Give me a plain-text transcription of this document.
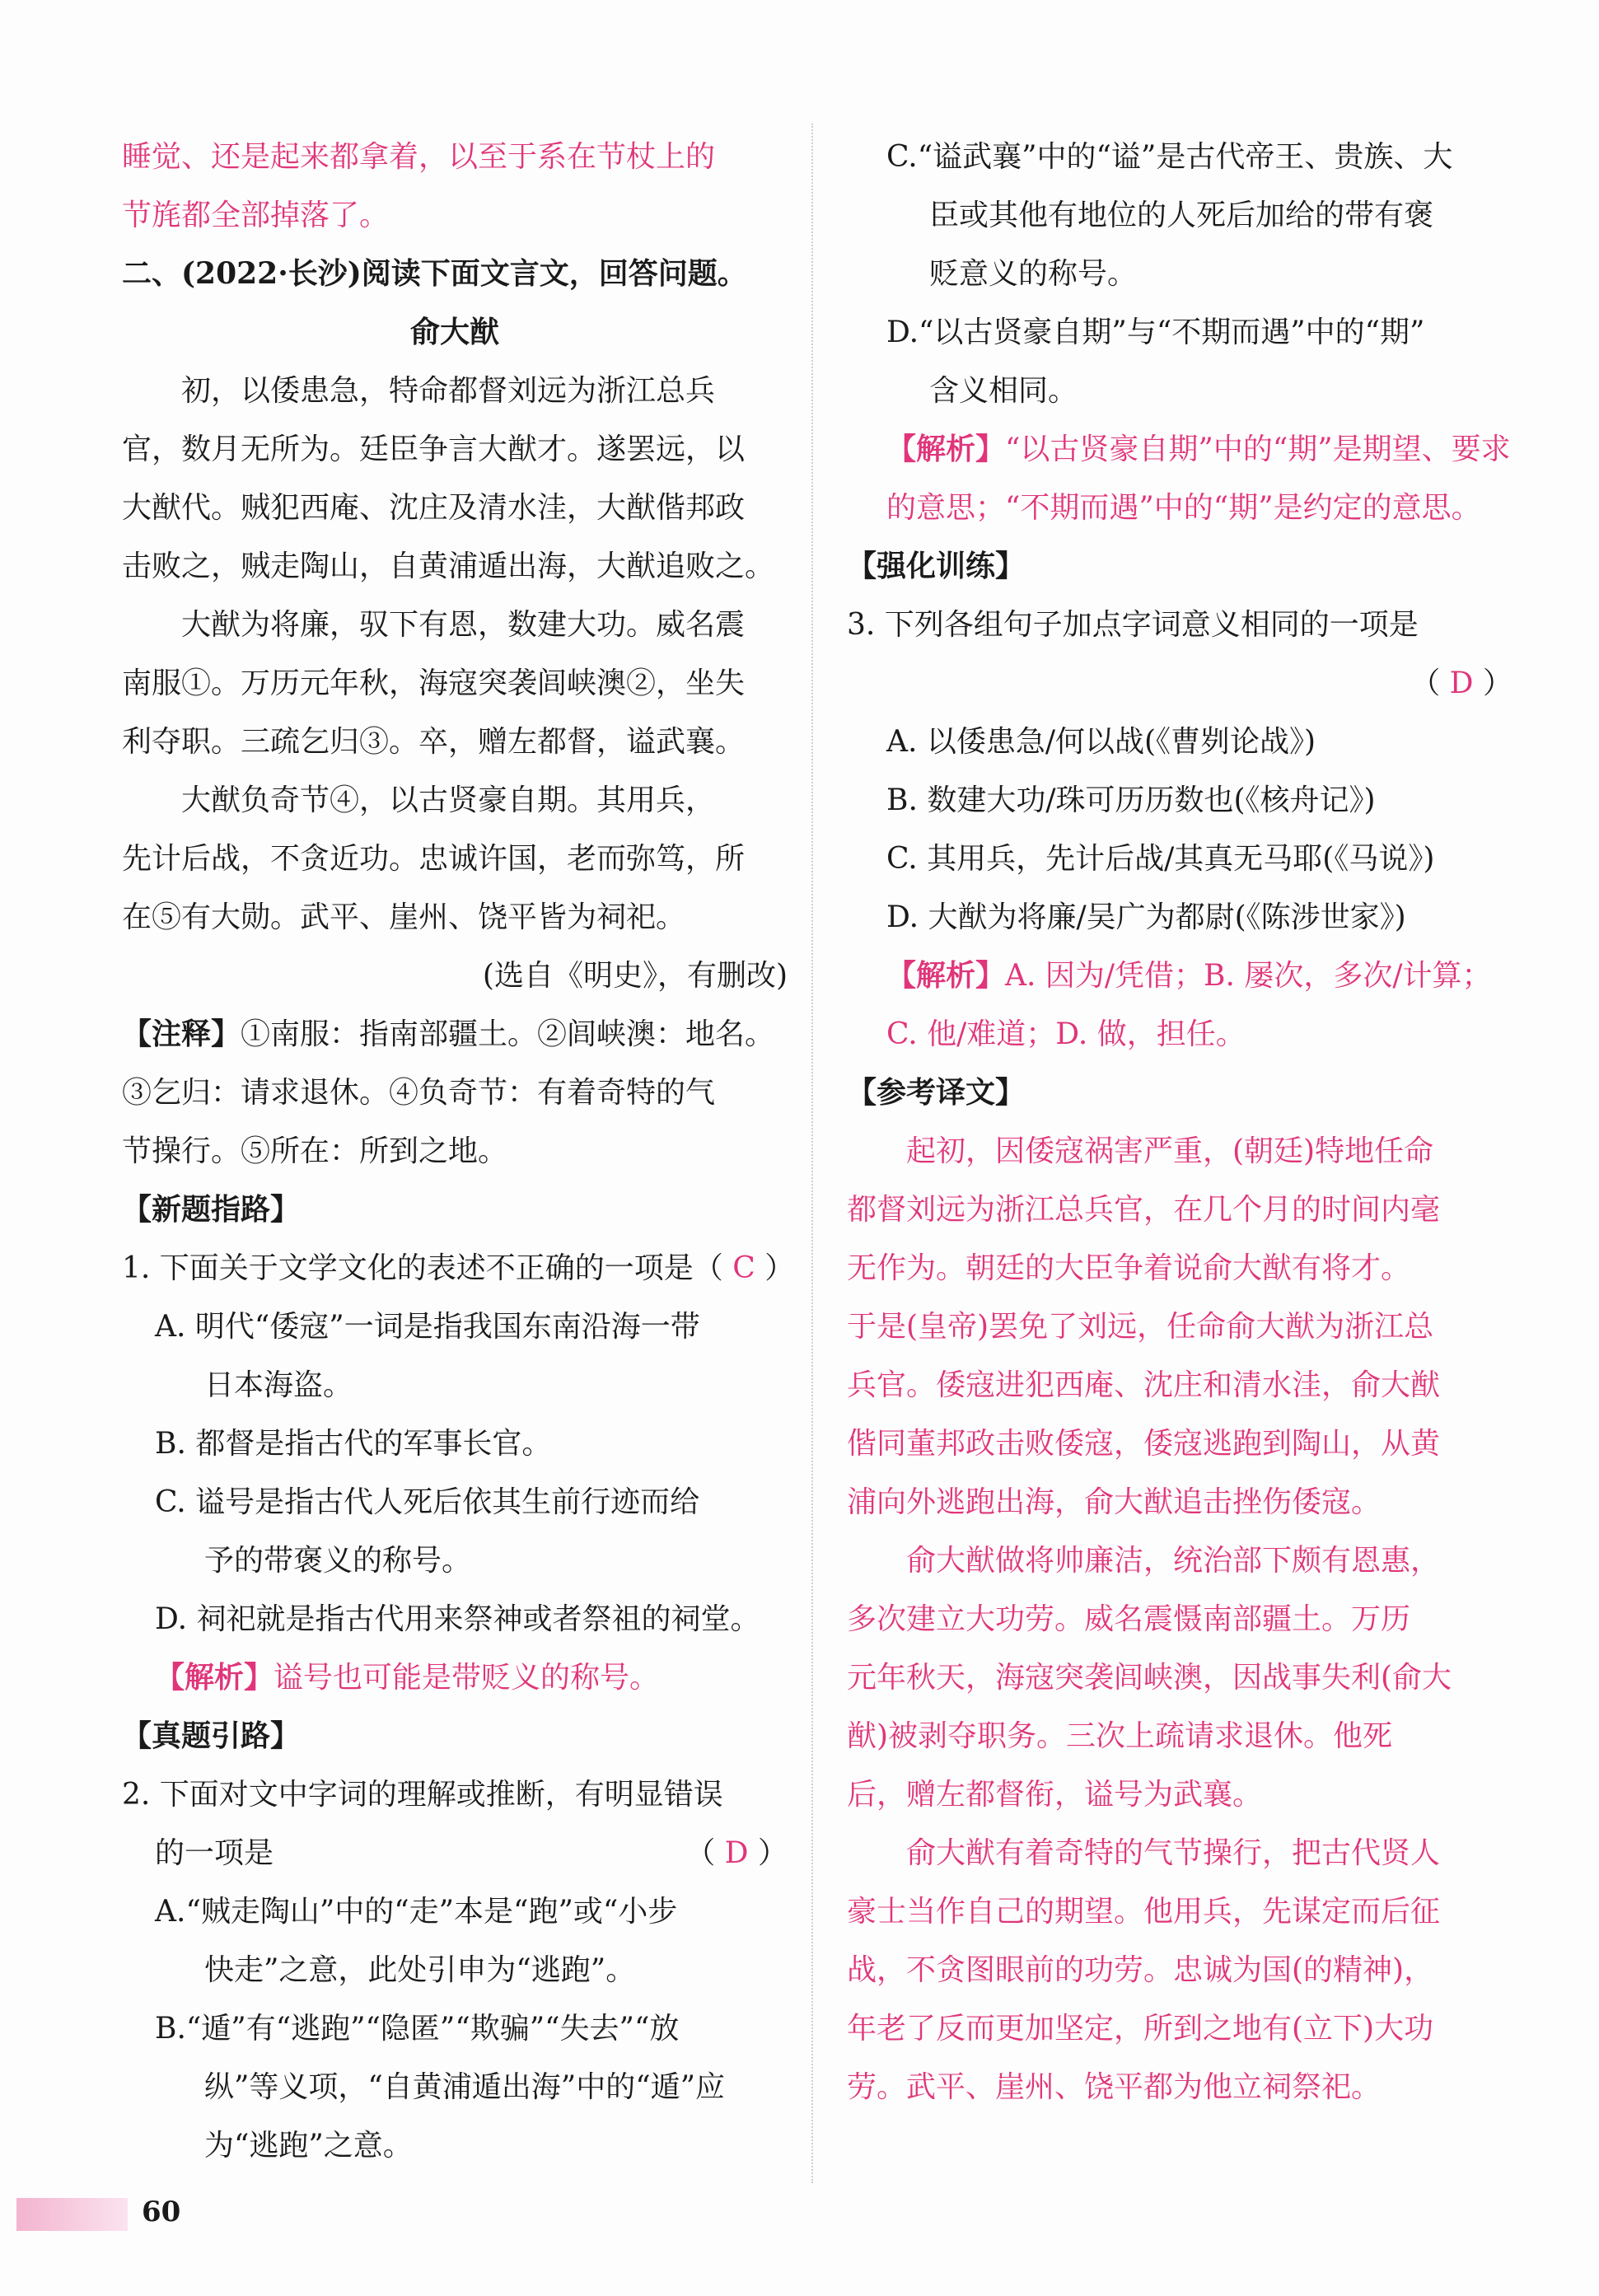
睡觉、还是起来都拿着，以至于系在节杖上的
节旄都全部掉落了。
二、(2022·长沙)阅读下面文言文，回答问题。
俞大猷
初，以倭患急，特命都督刘远为浙江总兵
官，数月无所为。廷臣争言大猷才。遂罢远，以
大猷代。贼犯西庵、沈庄及清水洼，大猷偕邦政
击败之，贼走陶山，自黄浦遁出海，大猷追败之。
大猷为将廉，驭下有恩，数建大功。威名震
南服①。万历元年秋，海寇突袭闾峡澳②，坐失
利夺职。三疏乞归③。卒，赠左都督，谥武襄。
大猷负奇节④，以古贤豪自期。其用兵，
先计后战，不贪近功。忠诚许国，老而弥笃，所
在⑤有大勋。武平、崖州、饶平皆为祠祀。
(选自《明史》，有删改)
【注释】①南服：指南部疆土。②闾峡澳：地名。
③乞归：请求退休。④负奇节：有着奇特的气
节操行。⑤所在：所到之地。
【新题指路】
1. 下面关于文学文化的表述不正确的一项是（ C ）
A. 明代“倭寇”一词是指我国东南沿海一带
日本海盗。
B. 都督是指古代的军事长官。
C. 谥号是指古代人死后依其生前行迹而给
予的带褒义的称号。
D. 祠祀就是指古代用来祭神或者祭祖的祠堂。
【解析】谥号也可能是带贬义的称号。
【真题引路】
2. 下面对文中字词的理解或推断，有明显错误
的一项是	（ D ）
A.“贼走陶山”中的“走”本是“跑”或“小步
快走”之意，此处引申为“逃跑”。
B.“遁”有“逃跑”“隐匿”“欺骗”“失去”“放
纵”等义项，“自黄浦遁出海”中的“遁”应
为“逃跑”之意。
C.“谥武襄”中的“谥”是古代帝王、贵族、大
臣或其他有地位的人死后加给的带有褒
贬意义的称号。
D.“以古贤豪自期”与“不期而遇”中的“期”
含义相同。
【解析】“以古贤豪自期”中的“期”是期望、要求
的意思；“不期而遇”中的“期”是约定的意思。
【强化训练】
3. 下列各组句子加点字词意义相同的一项是
（ D ）
A. 以倭患急/何以战(《曹刿论战》)
B. 数建大功/珠可历历数也(《核舟记》)
C. 其用兵，先计后战/其真无马耶(《马说》)
D. 大猷为将廉/吴广为都尉(《陈涉世家》)
【解析】A. 因为/凭借；B. 屡次，多次/计算；
C. 他/难道；D. 做，担任。
【参考译文】
起初，因倭寇祸害严重，(朝廷)特地任命
都督刘远为浙江总兵官，在几个月的时间内毫
无作为。朝廷的大臣争着说俞大猷有将才。
于是(皇帝)罢免了刘远，任命俞大猷为浙江总
兵官。倭寇进犯西庵、沈庄和清水洼，俞大猷
偕同董邦政击败倭寇，倭寇逃跑到陶山，从黄
浦向外逃跑出海，俞大猷追击挫伤倭寇。
俞大猷做将帅廉洁，统治部下颇有恩惠，
多次建立大功劳。威名震慑南部疆土。万历
元年秋天，海寇突袭闾峡澳，因战事失利(俞大
猷)被剥夺职务。三次上疏请求退休。他死
后，赠左都督衔，谥号为武襄。
俞大猷有着奇特的气节操行，把古代贤人
豪士当作自己的期望。他用兵，先谋定而后征
战，不贪图眼前的功劳。忠诚为国(的精神)，
年老了反而更加坚定，所到之地有(立下)大功
劳。武平、崖州、饶平都为他立祠祭祀。
60
